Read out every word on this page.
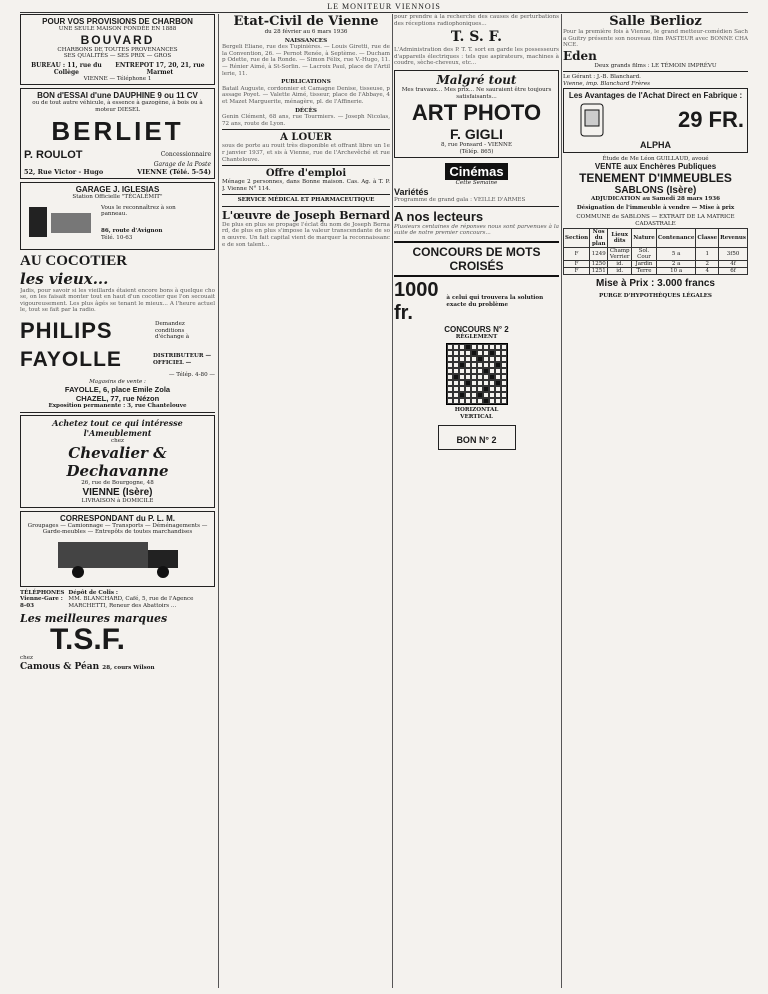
LE MONITEUR VIENNOIS
POUR VOS PROVISIONS DE CHARBON
UNE SEULE MAISON FONDÉE EN 1888
BOUVARD
CHARBONS DE TOUTES PROVENANCES
SES QUALITÉS — SES PRIX — GROS
BUREAU : 11, rue du Collège
ENTREPOT 17, 20, 21, rue Marmet
VIENNE — Téléphone 1
BON d'ESSAI d'une DAUPHINE 9 ou 11 CV
ou de tout autre véhicule, à essence à gazogène, à bois ou à moteur DIESEL
BERLIET
P. ROULOT	Concessionnaire
Garage de la Poste
52, Rue Victor - Hugo	VIENNE (Télé. 5-54)
GARAGE J. IGLESIAS
Station Officielle "TÉCALÉMIT"
Vous le reconnaîtrez à son panneau.
86, route d'Avignon
Télé. 10-63
AU COCOTIER
les vieux...
Jadis, pour savoir si les vieillards étaient encore bons à quelque chose, on les faisait monter tout en haut d'un cocotier que l'on secouait vigoureusement. Les plus âgés se tenant le mieux... A l'heure actuelle, tout se fait par la radio.
PHILIPS	Demandez conditions d'échange à
FAYOLLE	DISTRIBUTEUR — OFFICIEL —
— Télép. 4-80 —
Magasins de vente :
FAYOLLE, 6, place Emile Zola
CHAZEL, 77, rue Nézon
Exposition permanente : 3, rue Chantelouve
Achetez tout ce qui intéresse l'Ameublement
chez
Chevalier & Dechavanne
26, rue de Bourgogne, 48
VIENNE (Isère)
LIVRAISON à DOMICILE
CORRESPONDANT du P. L. M.
Groupages — Camionnage — Transports — Déménagements — Garde-meubles — Entrepôts de toutes marchandises
TÉLÉPHONES
Vienne-Gare : 8-03
Dépôt de Colis :
MM. BLANCHARD, Café, 5, rue de l'Agence MARCHETTI, Reneur des Abattoirs ...
Les meilleures marques
T.S.F.
chez
Camous & Péan 28, cours Wilson
Etat-Civil de Vienne
du 28 février au 6 mars 1936
NAISSANCES
Bergeli Eliane, rue des Tupinières. — Louis Giretti, rue de la Convention, 26. — Pernot Renée, à Septème. — Duchamp Odette, rue de la Ronde. — Simon Félix, rue V.-Hugo, 11. — Rénier Aimé, à St-Sorlin. — Lacroix Paul, place de l'Artillerie, 11.
PUBLICATIONS
Batail Auguste, cordonnier et Camagne Denise, tisseuse, passage Poyet. — Valette Aimé, tisseur, place de l'Abbaye, 4 et Mazet Marguerite, ménagère, pl. de l'Affinerie.
DÉCÈS
Genin Clément, 68 ans, rue Tourmiers. — Joseph Nicolas, 72 ans, route de Lyon.
A LOUER
sous de porte au rouit très disponible et offrant libre un 1er janvier 1937, et sis à Vienne, rue de l'Archevêché et rue Chantelouve.
Offre d'emploi
Ménage 2 personnes, dans Bonne maison. Cas. Ag. à T. P. J. Vienne N° 114.
SERVICE MÉDICAL ET PHARMACEUTIQUE
L'œuvre de Joseph Bernard
De plus en plus se propage l'éclat du nom de Joseph Bernard, de plus en plus s'impose la valeur transcendante de son œuvre. Un fait capital vient de marquer la reconnaissance de son talent...
pour prendre à la recherche des causes de perturbations des réceptions radiophoniques...
T. S. F.
L'Administration des P. T. T. sort en garde les possesseurs d'appareils électriques : tels que aspirateurs, machines à coudre, sèche-cheveux, etc...
Malgré tout
Mes travaux... Mes prix... Ne sauraient être toujours satisfaisants...
ART PHOTO
F. GIGLI
8, rue Ponsard - VIENNE
(Télép. 865)
Cinémas
Cette Semaine
Variétés
Programme de grand gala : VEILLE D'ARMES
A nos lecteurs
Plusieurs centaines de réponses nous sont parvenues à la suite de notre premier concours...
CONCOURS DE MOTS CROISÉS
1000 fr.
à celui qui trouvera la solution exacte du problème
CONCOURS N° 2
RÈGLEMENT
HORIZONTAL
VERTICAL
BON N° 2
Salle Berlioz
Pour la première fois à Vienne, le grand metteur-comédien Sacha Guitry présente son nouveau film PASTEUR avec BONNE CHANCE.
Eden
Deux grands films : LE TÉMOIN IMPRÉVU
Le Gérant : J.-B. Blanchard.
Vienne, imp. Blanchard Frères
Les Avantages de l'Achat Direct en Fabrique :
29 FR.
ALPHA
Étude de Me Léon GUILLAUD, avoué
VENTE aux Enchères Publiques
TENEMENT D'IMMEUBLES
SABLONS (Isère)
ADJUDICATION au Samedi 28 mars 1936
Désignation de l'immeuble à vendre — Mise à prix
COMMUNE de SABLONS — EXTRAIT DE LA MATRICE CADASTRALE
Section	Nos du plan	Lieux dits	Nature	Contenance	Classe	Revenus
F	1249	Champ Verrier	Sol. Cour	5 a	1	3f50
F	1250	id.	Jardin	2 a	2	4f
F	1251	id.	Terre	10 a	4	6f
Mise à Prix : 3.000 francs
PURGE D'HYPOTHÈQUES LÉGALES
